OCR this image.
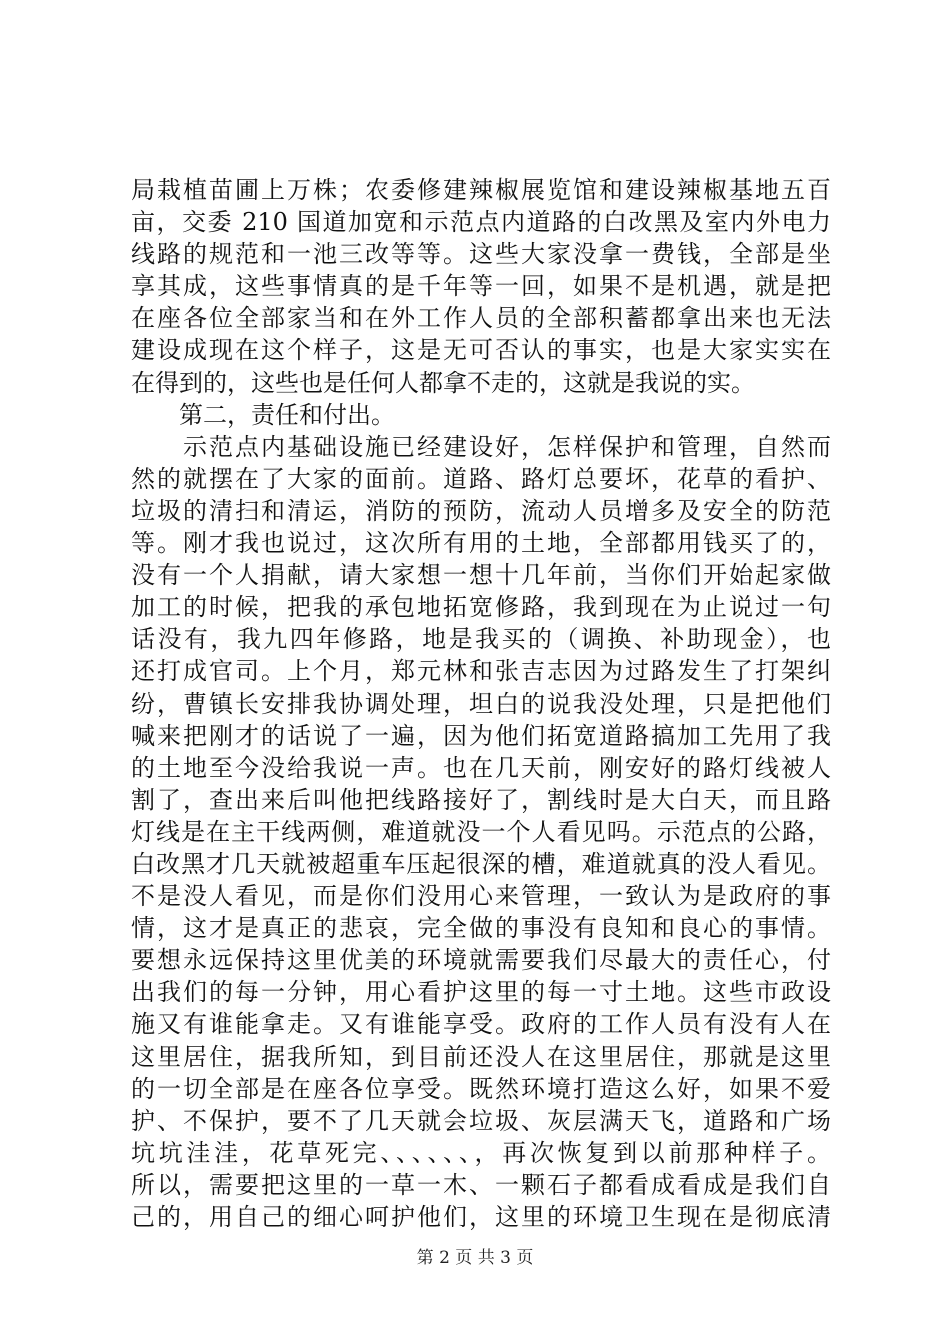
局栽植苗圃上万株；农委修建辣椒展览馆和建设辣椒基地五百
亩，交委 210 国道加宽和示范点内道路的白改黑及室内外电力
线路的规范和一池三改等等。这些大家没拿一费钱，全部是坐
享其成，这些事情真的是千年等一回，如果不是机遇，就是把
在座各位全部家当和在外工作人员的全部积蓄都拿出来也无法
建设成现在这个样子，这是无可否认的事实，也是大家实实在
在得到的，这些也是任何人都拿不走的，这就是我说的实。
　　第二，责任和付出。
　　示范点内基础设施已经建设好，怎样保护和管理，自然而
然的就摆在了大家的面前。道路、路灯总要坏，花草的看护、
垃圾的清扫和清运，消防的预防，流动人员增多及安全的防范
等。刚才我也说过，这次所有用的土地，全部都用钱买了的，
没有一个人捐献，请大家想一想十几年前，当你们开始起家做
加工的时候，把我的承包地拓宽修路，我到现在为止说过一句
话没有，我九四年修路，地是我买的（调换、补助现金），也
还打成官司。上个月，郑元林和张吉志因为过路发生了打架纠
纷，曹镇长安排我协调处理，坦白的说我没处理，只是把他们
喊来把刚才的话说了一遍，因为他们拓宽道路搞加工先用了我
的土地至今没给我说一声。也在几天前，刚安好的路灯线被人
割了，查出来后叫他把线路接好了，割线时是大白天，而且路
灯线是在主干线两侧，难道就没一个人看见吗。示范点的公路，
白改黑才几天就被超重车压起很深的槽，难道就真的没人看见。
不是没人看见，而是你们没用心来管理，一致认为是政府的事
情，这才是真正的悲哀，完全做的事没有良知和良心的事情。
要想永远保持这里优美的环境就需要我们尽最大的责任心，付
出我们的每一分钟，用心看护这里的每一寸土地。这些市政设
施又有谁能拿走。又有谁能享受。政府的工作人员有没有人在
这里居住，据我所知，到目前还没人在这里居住，那就是这里
的一切全部是在座各位享受。既然环境打造这么好，如果不爱
护、不保护，要不了几天就会垃圾、灰层满天飞，道路和广场
坑坑洼洼，花草死完、、、、、、，再次恢复到以前那种样子。
所以，需要把这里的一草一木、一颗石子都看成看成是我们自
己的，用自己的细心呵护他们，这里的环境卫生现在是彻底清
第 2 页 共 3 页
